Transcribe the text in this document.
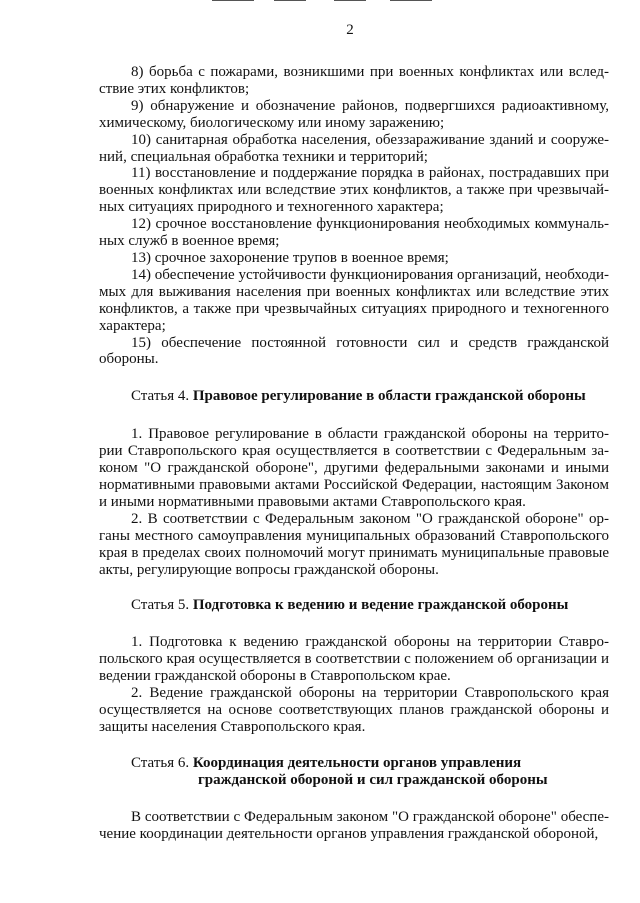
2

8) борьба с пожарами, возникшими при военных конфликтах или вследствие этих конфликтов;

9) обнаружение и обозначение районов, подвергшихся радиоактивному, химическому, биологическому или иному заражению;

10) санитарная обработка населения, обеззараживание зданий и сооружений, специальная обработка техники и территорий;

11) восстановление и поддержание порядка в районах, пострадавших при военных конфликтах или вследствие этих конфликтов, а также при чрезвычайных ситуациях природного и техногенного характера;

12) срочное восстановление функционирования необходимых коммунальных служб в военное время;

13) срочное захоронение трупов в военное время;

14) обеспечение устойчивости функционирования организаций, необходимых для выживания населения при военных конфликтах или вследствие этих конфликтов, а также при чрезвычайных ситуациях природного и техногенного характера;

15) обеспечение постоянной готовности сил и средств гражданской обороны.

Статья 4. Правовое регулирование в области гражданской обороны

1. Правовое регулирование в области гражданской обороны на территории Ставропольского края осуществляется в соответствии с Федеральным законом "О гражданской обороне", другими федеральными законами и иными нормативными правовыми актами Российской Федерации, настоящим Законом и иными нормативными правовыми актами Ставропольского края.

2. В соответствии с Федеральным законом "О гражданской обороне" органы местного самоуправления муниципальных образований Ставропольского края в пределах своих полномочий могут принимать муниципальные правовые акты, регулирующие вопросы гражданской обороны.

Статья 5. Подготовка к ведению и ведение гражданской обороны

1. Подготовка к ведению гражданской обороны на территории Ставропольского края осуществляется в соответствии с положением об организации и ведении гражданской обороны в Ставропольском крае.

2. Ведение гражданской обороны на территории Ставропольского края осуществляется на основе соответствующих планов гражданской обороны и защиты населения Ставропольского края.

Статья 6. Координация деятельности органов управления
гражданской обороной и сил гражданской обороны

В соответствии с Федеральным законом "О гражданской обороне" обеспечение координации деятельности органов управления гражданской обороной,
